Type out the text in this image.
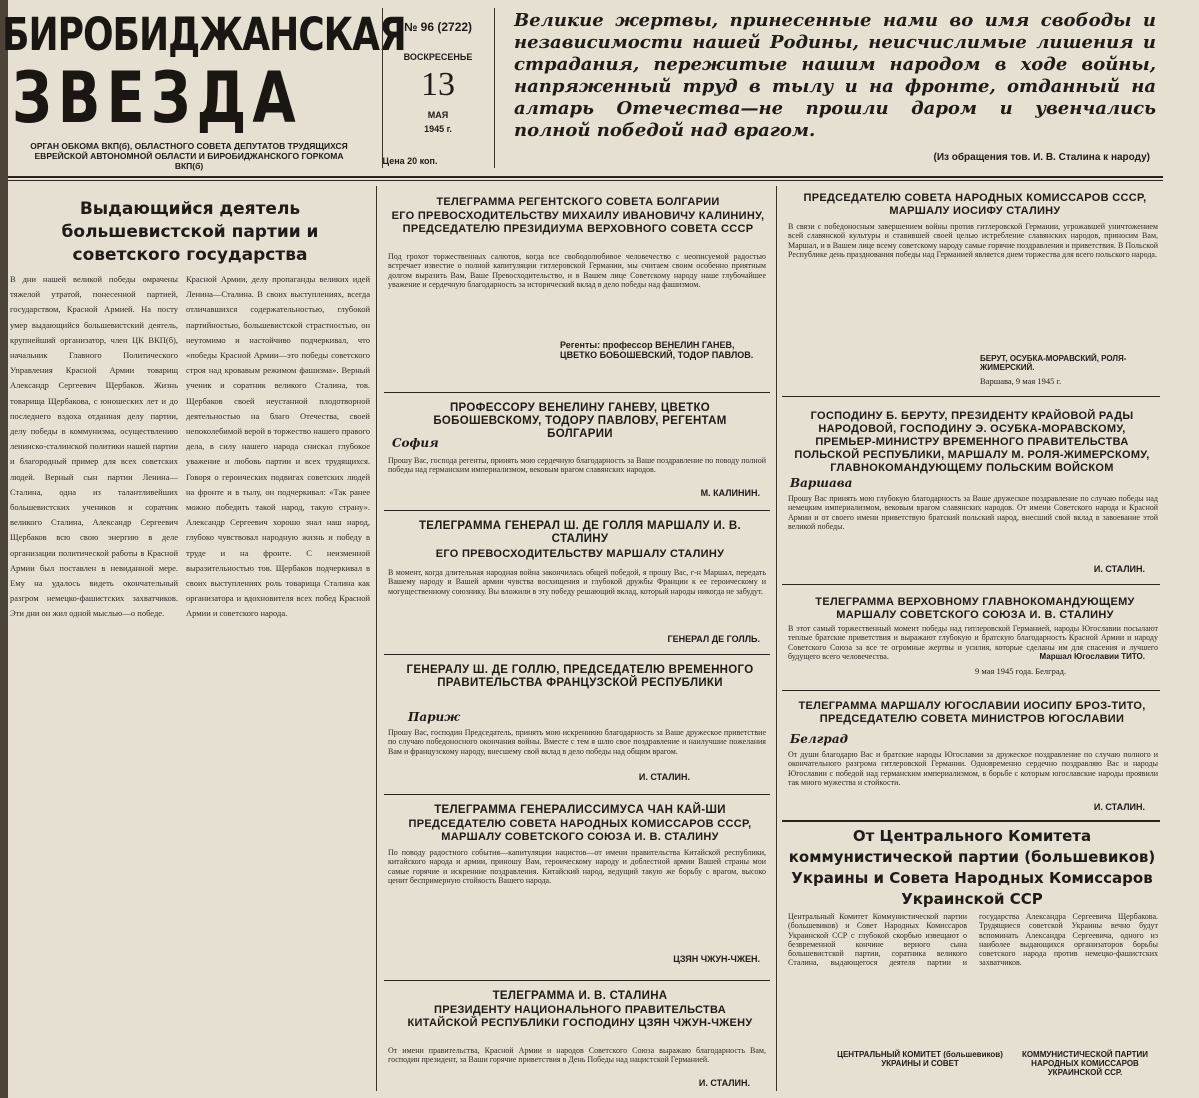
БИРОБИДЖАНСКАЯ
ЗВЕЗДА
ОРГАН ОБКОМА ВКП(б), ОБЛАСТНОГО СОВЕТА ДЕПУТАТОВ ТРУДЯЩИХСЯ ЕВРЕЙСКОЙ АВТОНОМНОЙ ОБЛАСТИ И БИРОБИДЖАНСКОГО ГОРКОМА ВКП(б)
№ 96 (2722)
ВОСКРЕСЕНЬЕ
13
МАЯ
1945 г.
Цена 20 коп.
Великие жертвы, принесенные нами во имя свободы и независимости нашей Родины, неисчислимые лишения и страдания, пережитые нашим народом в ходе войны, напряженный труд в тылу и на фронте, отданный на алтарь Отечества—не прошли даром и увенчались полной победой над врагом.
(Из обращения тов. И. В. Сталина к народу)
Выдающийся деятель большевистской партии и советского государства
В дни нашей великой победы омрачены тяжелой утратой, понесенной партией, государством, Красной Армией. На посту умер выдающийся большевистский деятель, крупнейший организатор, член ЦК ВКП(б), начальник Главного Политического Управления Красной Армии товарищ Александр Сергеевич Щербаков. Жизнь товарища Щербакова, с юношеских лет и до последнего вздоха отданная делу партии, делу победы в коммунизма, осуществлению ленинско-сталинской политики нашей партии и благородный пример для всех советских людей. Верный сын партии Ленина—Сталина, одна из талантливейших большевистских учеников и соратник великого Сталина, Александр Сергеевич Щербаков всю свою энергию в деле организации политической работы в Красной Армии был поставлен в невиданной мере. Ему на удалось видеть окончательный разгром немецко-фашистских захватчиков. Эти дни он жил одной мыслью—о победе.
Красной Армии, делу пропаганды великих идей Ленина—Сталина. В своих выступлениях, всегда отличавшихся содержательностью, глубокой партийностью, большевистской страстностью, он неутомимо и настойчиво подчеркивал, что «победы Красной Армии—это победы советского строя над кровавым режимом фашизма». Верный ученик и соратник великого Сталина, тов. Щербаков своей неустанной плодотворной деятельностью на благо Отечества, своей непоколебимой верой в торжество нашего правого дела, в силу нашего народа снискал глубокое уважение и любовь партии и всех трудящихся. Говоря о героических подвигах советских людей на фронте и в тылу, он подчеркивал: «Так ранее можно победить такой народ, такую страну». Александр Сергеевич хорошо знал наш народ, глубоко чувствовал народную жизнь и победу в труде и на фронте. С неизменной выразительностью тов. Щербаков подчеркивал в своих выступлениях роль товарища Сталина как организатора и вдохновителя всех побед Красной Армии и советского народа.
ТЕЛЕГРАММА РЕГЕНТСКОГО СОВЕТА БОЛГАРИИ
ЕГО ПРЕВОСХОДИТЕЛЬСТВУ МИХАИЛУ ИВАНОВИЧУ КАЛИНИНУ, ПРЕДСЕДАТЕЛЮ ПРЕЗИДИУМА ВЕРХОВНОГО СОВЕТА СССР
Под грохот торжественных салютов, когда все свободолюбивое человечество с неописуемой радостью встречает известие о полной капитуляции гитлеровской Германии, мы считаем своим особенно приятным долгом выразить Вам, Ваше Превосходительство, и в Вашем лице Советскому народу наше глубочайшее уважение и сердечную благодарность за исторический вклад в дело победы над фашизмом.
Регенты: профессор ВЕНЕЛИН ГАНЕВ, ЦВЕТКО БОБОШЕВСКИЙ, ТОДОР ПАВЛОВ.
ПРОФЕССОРУ ВЕНЕЛИНУ ГАНЕВУ, ЦВЕТКО БОБОШЕВСКОМУ, ТОДОРУ ПАВЛОВУ, РЕГЕНТАМ БОЛГАРИИ
София
Прошу Вас, господа регенты, принять мою сердечную благодарность за Ваше поздравление по поводу полной победы над германским империализмом, вековым врагом славянских народов.
М. КАЛИНИН.
ТЕЛЕГРАММА ГЕНЕРАЛ Ш. ДЕ ГОЛЛЯ МАРШАЛУ И. В. СТАЛИНУ
ЕГО ПРЕВОСХОДИТЕЛЬСТВУ МАРШАЛУ СТАЛИНУ
В момент, когда длительная народная война закончилась общей победой, я прошу Вас, г-н Маршал, передать Вашему народу и Вашей армии чувства восхищения и глубокой дружбы Франции к ее героическому и могущественному союзнику. Вы вложили в эту победу решающий вклад, который народы никогда не забудут.
ГЕНЕРАЛ ДЕ ГОЛЛЬ.
ГЕНЕРАЛУ Ш. ДЕ ГОЛЛЮ, ПРЕДСЕДАТЕЛЮ ВРЕМЕННОГО ПРАВИТЕЛЬСТВА ФРАНЦУЗСКОЙ РЕСПУБЛИКИ
Париж
Прошу Вас, господин Председатель, принять мою искреннюю благодарность за Ваше дружеское приветствие по случаю победоносного окончания войны. Вместе с тем я шлю свое поздравление и наилучшие пожелания Вам и французскому народу, внесшему свой вклад в дело победы над общим врагом.
И. СТАЛИН.
ТЕЛЕГРАММА ГЕНЕРАЛИССИМУСА ЧАН КАЙ-ШИ
ПРЕДСЕДАТЕЛЮ СОВЕТА НАРОДНЫХ КОМИССАРОВ СССР, МАРШАЛУ СОВЕТСКОГО СОЮЗА И. В. СТАЛИНУ
По поводу радостного события—капитуляции нацистов—от имени правительства Китайской республики, китайского народа и армии, приношу Вам, героическому народу и доблестной армии Вашей страны мои самые горячие и искренние поздравления. Китайский народ, ведущий такую же борьбу с врагом, высоко ценит беспримерную стойкость Вашего народа.
ЦЗЯН ЧЖУН-ЧЖЕН.
ТЕЛЕГРАММА И. В. СТАЛИНА
ПРЕЗИДЕНТУ НАЦИОНАЛЬНОГО ПРАВИТЕЛЬСТВА КИТАЙСКОЙ РЕСПУБЛИКИ ГОСПОДИНУ ЦЗЯН ЧЖУН-ЧЖЕНУ
От имени правительства, Красной Армии и народов Советского Союза выражаю благодарность Вам, господин президент, за Ваши горячие приветствия в День Победы над нацистской Германией.
И. СТАЛИН.
ПРЕДСЕДАТЕЛЮ СОВЕТА НАРОДНЫХ КОМИССАРОВ СССР, МАРШАЛУ ИОСИФУ СТАЛИНУ
В связи с победоносным завершением войны против гитлеровской Германии, угрожавшей уничтожением всей славянской культуры и ставившей своей целью истребление славянских народов, приносим Вам, Маршал, и в Вашем лице всему советскому народу самые горячие поздравления и приветствия. В Польской Республике день празднования победы над Германией является днем торжества для всего польского народа.
БЕРУТ, ОСУБКА-МОРАВСКИЙ, РОЛЯ-ЖИМЕРСКИЙ.
Варшава, 9 мая 1945 г.
ГОСПОДИНУ Б. БЕРУТУ, ПРЕЗИДЕНТУ КРАЙОВОЙ РАДЫ НАРОДОВОЙ, ГОСПОДИНУ Э. ОСУБКА-МОРАВСКОМУ, ПРЕМЬЕР-МИНИСТРУ ВРЕМЕННОГО ПРАВИТЕЛЬСТВА ПОЛЬСКОЙ РЕСПУБЛИКИ, МАРШАЛУ М. РОЛЯ-ЖИМЕРСКОМУ, ГЛАВНОКОМАНДУЮЩЕМУ ПОЛЬСКИМ ВОЙСКОМ
Варшава
Прошу Вас принять мою глубокую благодарность за Ваше дружеское поздравление по случаю победы над немецким империализмом, вековым врагом славянских народов. От имени Советского народа и Красной Армии и от своего имени приветствую братский польский народ, внесший свой вклад в завоевание этой великой победы.
И. СТАЛИН.
ТЕЛЕГРАММА ВЕРХОВНОМУ ГЛАВНОКОМАНДУЮЩЕМУ МАРШАЛУ СОВЕТСКОГО СОЮЗА И. В. СТАЛИНУ
В этот самый торжественный момент победы над гитлеровской Германией, народы Югославии посылают теплые братские приветствия и выражают глубокую и братскую благодарность Красной Армии и народу Советского Союза за все те огромные жертвы и усилия, которые сделаны им для спасения и лучшего будущего всего человечества.	Маршал Югославии ТИТО.
9 мая 1945 года. Белград.
ТЕЛЕГРАММА МАРШАЛУ ЮГОСЛАВИИ ИОСИПУ БРОЗ-ТИТО, ПРЕДСЕДАТЕЛЮ СОВЕТА МИНИСТРОВ ЮГОСЛАВИИ
Белград
От души благодарю Вас и братские народы Югославии за дружеское поздравление по случаю полного и окончательного разгрома гитлеровской Германии. Одновременно сердечно поздравляю Вас и народы Югославии с победой над германским империализмом, в борьбе с которым югославские народы проявили так много мужества и стойкости.
И. СТАЛИН.
От Центрального Комитета коммунистической партии (большевиков) Украины и Совета Народных Комиссаров Украинской ССР
Центральный Комитет Коммунистической партии (большевиков) и Совет Народных Комиссаров Украинской ССР с глубокой скорбью извещают о безвременной кончине верного сына большевистской партии, соратника великого Сталина, выдающегося деятеля партии и государства Александра Сергеевича Щербакова. Трудящиеся советской Украины вечно будут вспоминать Александра Сергеевича, одного из наиболее выдающихся организаторов борьбы советского народа против немецко-фашистских захватчиков.
ЦЕНТРАЛЬНЫЙ КОМИТЕТ (большевиков) УКРАИНЫ И СОВЕТ
КОММУНИСТИЧЕСКОЙ ПАРТИИ НАРОДНЫХ КОМИССАРОВ УКРАИНСКОЙ ССР.
